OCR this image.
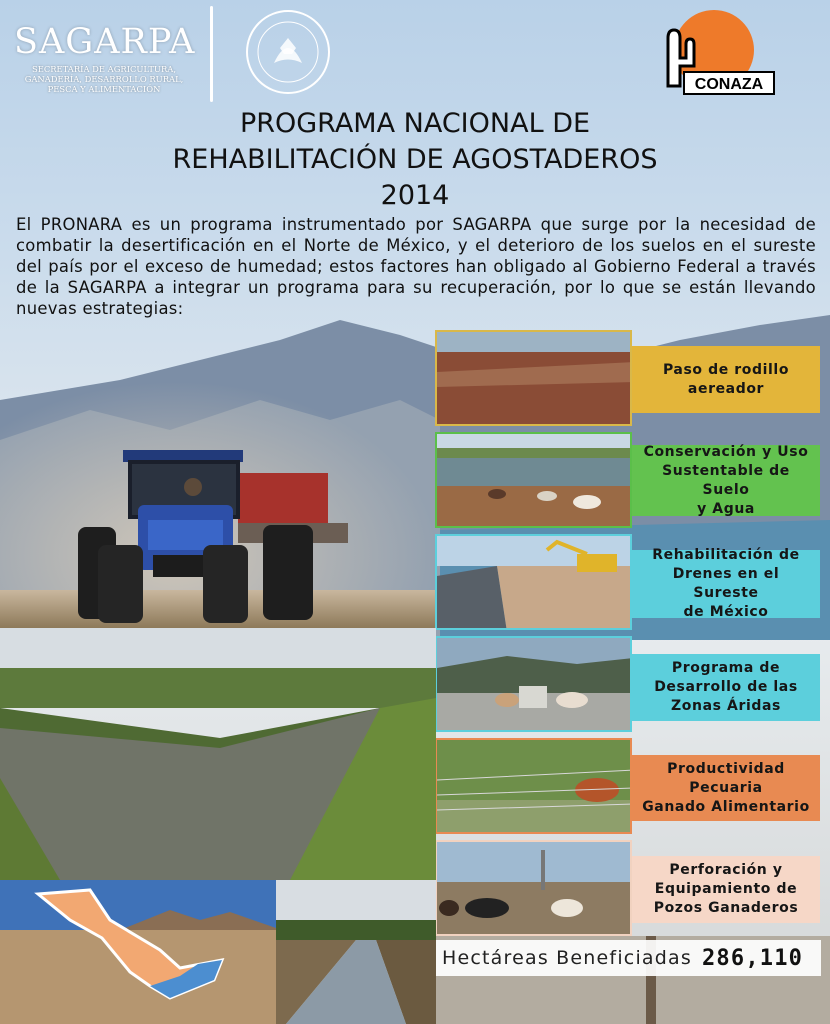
SAGARPA
SECRETARÍA DE AGRICULTURA,
GANADERÍA, DESARROLLO RURAL,
PESCA Y ALIMENTACIÓN	CONAZA
PROGRAMA NACIONAL DE
REHABILITACIÓN DE AGOSTADEROS
2014

El PRONARA es un programa instrumentado por SAGARPA que surge por la necesidad de combatir la desertificación en el Norte de México, y el deterioro de los suelos en el sureste del país por el exceso de humedad; estos factores han obligado al Gobierno Federal a través de la SAGARPA a integrar un programa para su recuperación, por lo que se están llevando nuevas estrategias:

Paso de rodillo
aereador
Conservación y Uso
Sustentable de Suelo
y Agua
Rehabilitación de
Drenes en el Sureste
de México
Programa de
Desarrollo de las
Zonas Áridas
Productividad Pecuaria
Ganado Alimentario
Perforación y
Equipamiento de
Pozos Ganaderos
Hectáreas Beneficiadas 286,110
